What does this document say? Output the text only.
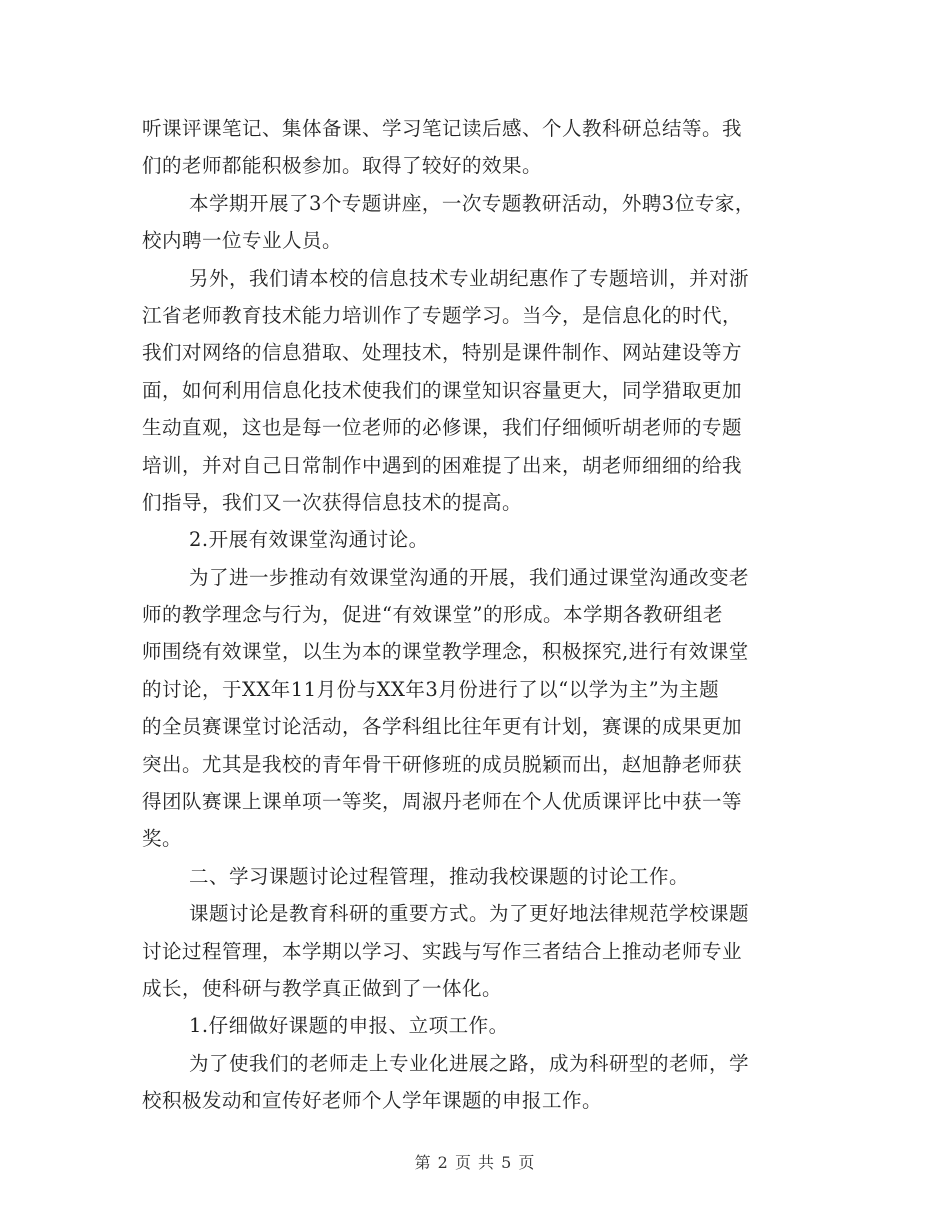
听课评课笔记、集体备课、学习笔记读后感、个人教科研总结等。我
们的老师都能积极参加。取得了较好的效果。
本学期开展了3个专题讲座，一次专题教研活动，外聘3位专家，
校内聘一位专业人员。
另外，我们请本校的信息技术专业胡纪惠作了专题培训，并对浙
江省老师教育技术能力培训作了专题学习。当今，是信息化的时代，
我们对网络的信息猎取、处理技术，特别是课件制作、网站建设等方
面，如何利用信息化技术使我们的课堂知识容量更大，同学猎取更加
生动直观，这也是每一位老师的必修课，我们仔细倾听胡老师的专题
培训，并对自己日常制作中遇到的困难提了出来，胡老师细细的给我
们指导，我们又一次获得信息技术的提高。
2.开展有效课堂沟通讨论。
为了进一步推动有效课堂沟通的开展，我们通过课堂沟通改变老
师的教学理念与行为，促进“有效课堂”的形成。本学期各教研组老
师围绕有效课堂，以生为本的课堂教学理念，积极探究,进行有效课堂
的讨论，于XX年11月份与XX年3月份进行了以“以学为主”为主题
的全员赛课堂讨论活动，各学科组比往年更有计划，赛课的成果更加
突出。尤其是我校的青年骨干研修班的成员脱颖而出，赵旭静老师获
得团队赛课上课单项一等奖，周淑丹老师在个人优质课评比中获一等
奖。
二、学习课题讨论过程管理，推动我校课题的讨论工作。
课题讨论是教育科研的重要方式。为了更好地法律规范学校课题
讨论过程管理，本学期以学习、实践与写作三者结合上推动老师专业
成长，使科研与教学真正做到了一体化。
1.仔细做好课题的申报、立项工作。
为了使我们的老师走上专业化进展之路，成为科研型的老师，学
校积极发动和宣传好老师个人学年课题的申报工作。
第 2 页 共 5 页
